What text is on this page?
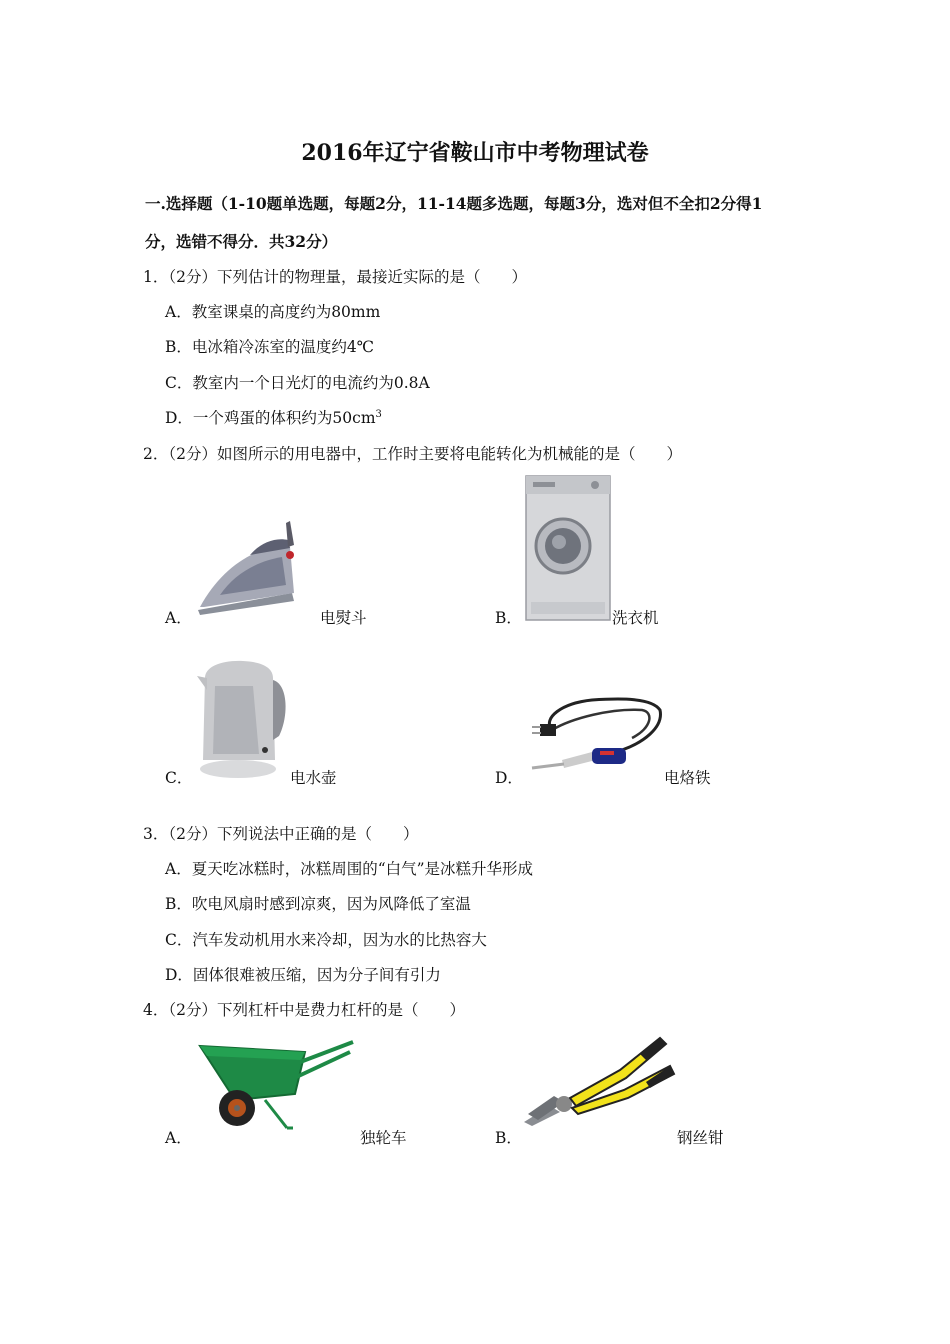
2016年辽宁省鞍山市中考物理试卷
一.选择题（1-10题单选题，每题2分，11-14题多选题，每题3分，选对但不全扣2分得1
分，选错不得分．共32分）
1．（2分）下列估计的物理量，最接近实际的是（　　）
A．教室课桌的高度约为80mm
B．电冰箱冷冻室的温度约4℃
C．教室内一个日光灯的电流约为0.8A
D．一个鸡蛋的体积约为$50cm^3$
2．（2分）如图所示的用电器中，工作时主要将电能转化为机械能的是（　　）
A．	电熨斗	B．	洗衣机
C．	电水壶	D．	电烙铁
3．（2分）下列说法中正确的是（　　）
A．夏天吃冰糕时，冰糕周围的“白气”是冰糕升华形成
B．吹电风扇时感到凉爽，因为风降低了室温
C．汽车发动机用水来冷却，因为水的比热容大
D．固体很难被压缩，因为分子间有引力
4．（2分）下列杠杆中是费力杠杆的是（　　）
A．	独轮车	B．	钢丝钳
